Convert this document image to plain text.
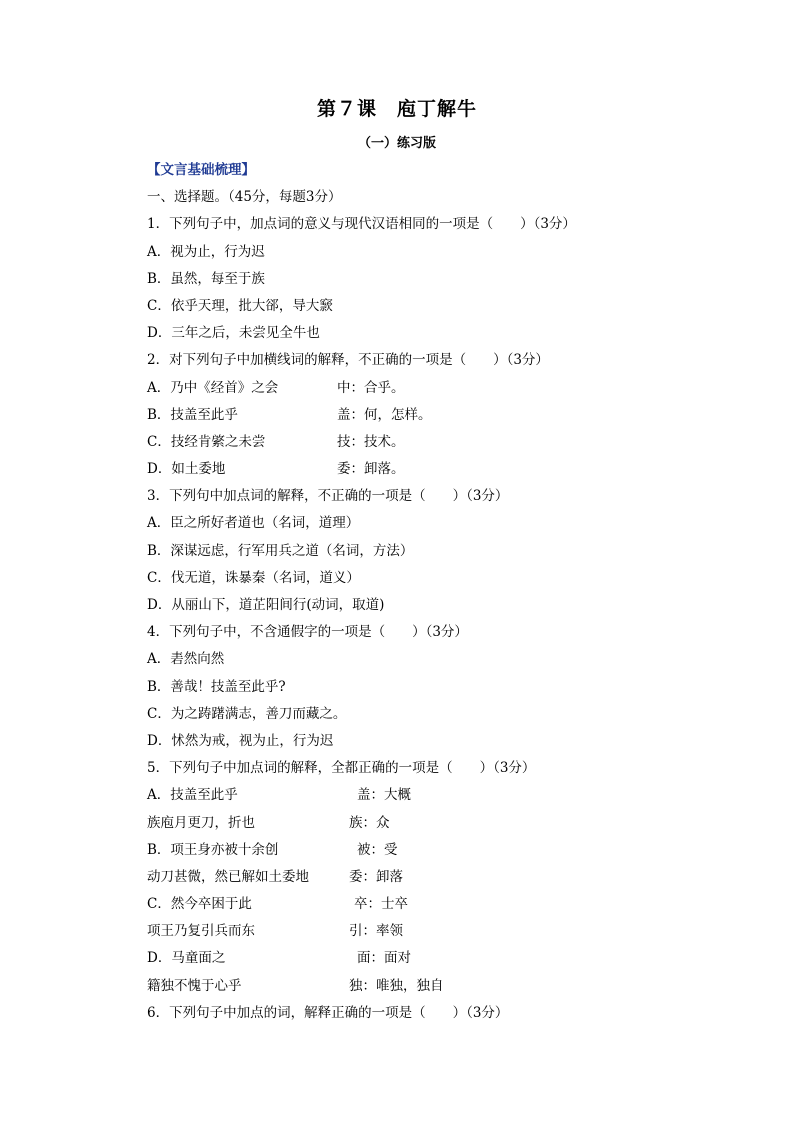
第７课　庖丁解牛
（一）练习版
【文言基础梳理】
一、选择题。（45分，每题3分）
1．下列句子中，加点词的意义与现代汉语相同的一项是（　　）（3分）
A．视为止，行为迟
B．虽然，每至于族
C．依乎天理，批大郤，导大窾
D．三年之后，未尝见全牛也
2．对下列句子中加横线词的解释，不正确的一项是（　　）（3分）
A．乃中《经首》之会	中：合乎。
B．技盖至此乎	盖：何，怎样。
C．技经肯綮之未尝	技：技术。
D．如土委地	委：卸落。
3．下列句中加点词的解释，不正确的一项是（　　）（3分）
A．臣之所好者道也（名词，道理）
B．深谋远虑，行军用兵之道（名词，方法）
C．伐无道，诛暴秦（名词，道义）
D．从丽山下，道芷阳间行(动词，取道)
4．下列句子中，不含通假字的一项是（　　）（3分）
A．砉然向然
B．善哉！技盖至此乎?
C．为之踌躇满志，善刀而藏之。
D．怵然为戒，视为止，行为迟
5．下列句子中加点词的解释，全都正确的一项是（　　）（3分）
A．技盖至此乎	盖：大概
族庖月更刀，折也	族：众
B．项王身亦被十余创	被：受
动刀甚微，然已解如土委地	委：卸落
C．然今卒困于此	卒：士卒
项王乃复引兵而东	引：率领
D．马童面之	面：面对
籍独不愧于心乎	独：唯独，独自
6．下列句子中加点的词，解释正确的一项是（　　）（3分）
